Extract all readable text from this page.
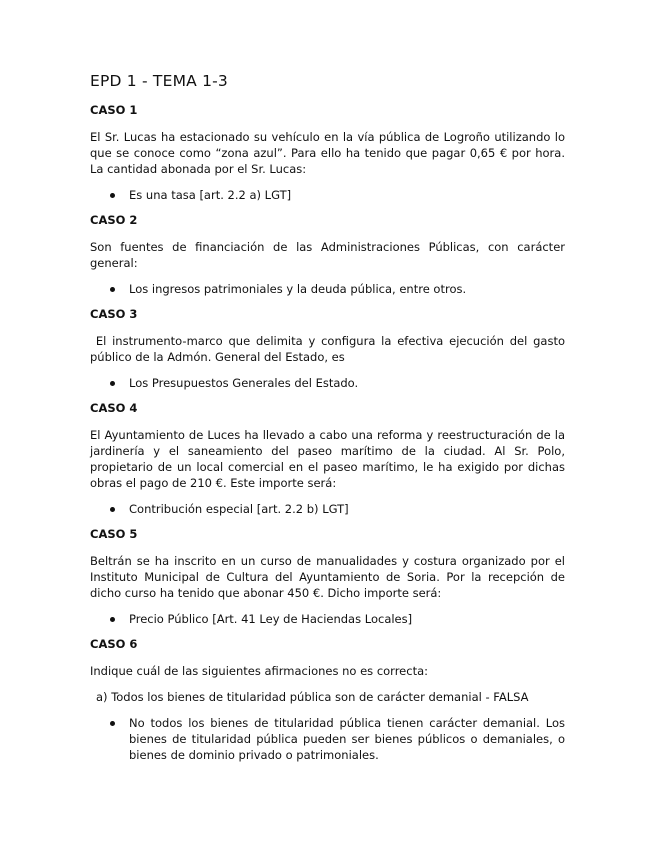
EPD 1 - TEMA 1-3
CASO 1

El Sr. Lucas ha estacionado su vehículo en la vía pública de Logroño utilizando lo que se conoce como “zona azul”. Para ello ha tenido que pagar 0,65 € por hora. La cantidad abonada por el Sr. Lucas:

Es una tasa [art. 2.2 a) LGT]
CASO 2

Son fuentes de financiación de las Administraciones Públicas, con carácter general:

Los ingresos patrimoniales y la deuda pública, entre otros.
CASO 3

El instrumento-marco que delimita y configura la efectiva ejecución del gasto público de la Admón. General del Estado, es

Los Presupuestos Generales del Estado.
CASO 4

El Ayuntamiento de Luces ha llevado a cabo una reforma y reestructuración de la jardinería y el saneamiento del paseo marítimo de la ciudad. Al Sr. Polo, propietario de un local comercial en el paseo marítimo, le ha exigido por dichas obras el pago de 210 €. Este importe será:

Contribución especial [art. 2.2 b) LGT]
CASO 5

Beltrán se ha inscrito en un curso de manualidades y costura organizado por el Instituto Municipal de Cultura del Ayuntamiento de Soria. Por la recepción de dicho curso ha tenido que abonar 450 €. Dicho importe será:

Precio Público [Art. 41 Ley de Haciendas Locales]
CASO 6

Indique cuál de las siguientes afirmaciones no es correcta:

a) Todos los bienes de titularidad pública son de carácter demanial - FALSA

No todos los bienes de titularidad pública tienen carácter demanial. Los bienes de titularidad pública pueden ser bienes públicos o demaniales, o bienes de dominio privado o patrimoniales.
